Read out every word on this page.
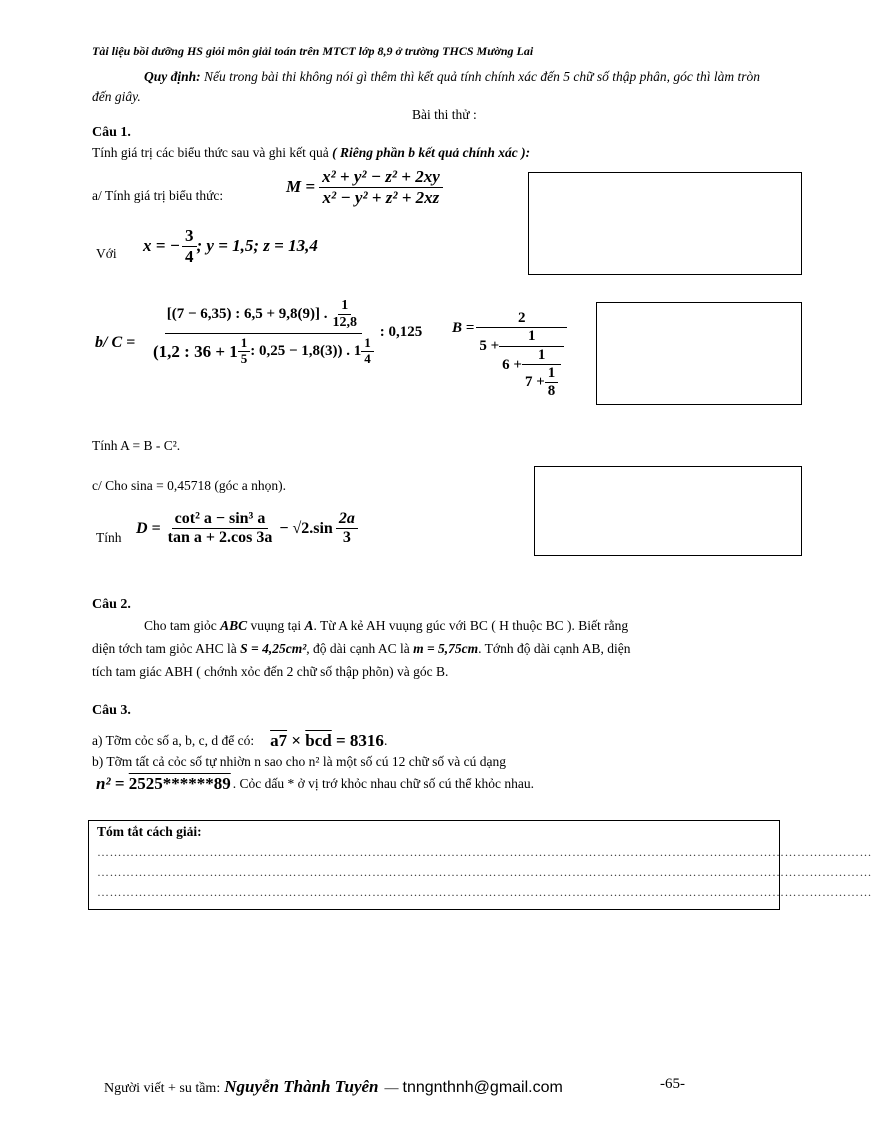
Tài liệu bồi dưỡng HS giỏi môn giải toán trên MTCT lớp 8,9 ở trường THCS Mường Lai
Quy định: Nếu trong bài thi không nói gì thêm thì kết quả tính chính xác đến 5 chữ số thập phân, góc thì làm tròn đến giây.
Bài thi thử :
Câu 1.
Tính giá trị các biểu thức sau và ghi kết quả ( Riêng phần b kết quả chính xác ):
a/ Tính giá trị biểu thức:	$M = \frac{\text{x² + y² − z² + 2xy}}{\text{x² − y² + z² + 2xz}}$
Với x = − $\frac{3}{4}$ ; y = 1,5; z = 13,4
b/ C =
[(7 − 6,35) : 6,5 + 9,8(9)] . $\frac{1}{12,8}$
(1,2 : $36 + 1 \frac{1}{5}$ : 0,25 − 1,8(3)) . $1 \frac{1}{4}$
: 0,125 B =
2
5 +
1
$6 + \frac{1}{7 + \frac{1}{8}}$
Tính A = B - C².
c/ Cho sina = 0,45718 (góc a nhọn).
Tính
$D = \frac{\text{cot² a − sin³ a}}{\text{tan a + 2.cos 3a}} - √2.\sin \frac{2a}{3}$
Câu 2.
Cho tam giỏc ABC vuụng tại A. Từ A kẻ AH vuụng gúc với BC ( H thuộc BC ). Biết rằng
diện tớch tam giỏc AHC là S = 4,25cm², độ dài cạnh AC là m = 5,75cm. Tớnh độ dài cạnh AB, diện
tích tam giác ABH ( chớnh xỏc đến 2 chữ số thập phõn) và góc B.
Câu 3.
a) Tỡm cỏc số a, b, c, d để có: $a7 \times \overline{bcd} = 8316$ .
b) Tỡm tất cả cỏc số tự nhiờn n sao cho n² là một số cú 12 chữ số và cú dạng
n² = 2525******89 . Cỏc dấu * ở vị trớ khỏc nhau chữ số cú thể khỏc nhau.
Tóm tắt cách giải:
……………………………………………………………………………………………………………………………………………………………………
……………………………………………………………………………………………………………………………………………………………………
……………………………………………………………………………………………………………………………………………………………………
Người viết + su tầm: Nguyễn Thành Tuyên — tnngnthnh@gmail.com	-65-
